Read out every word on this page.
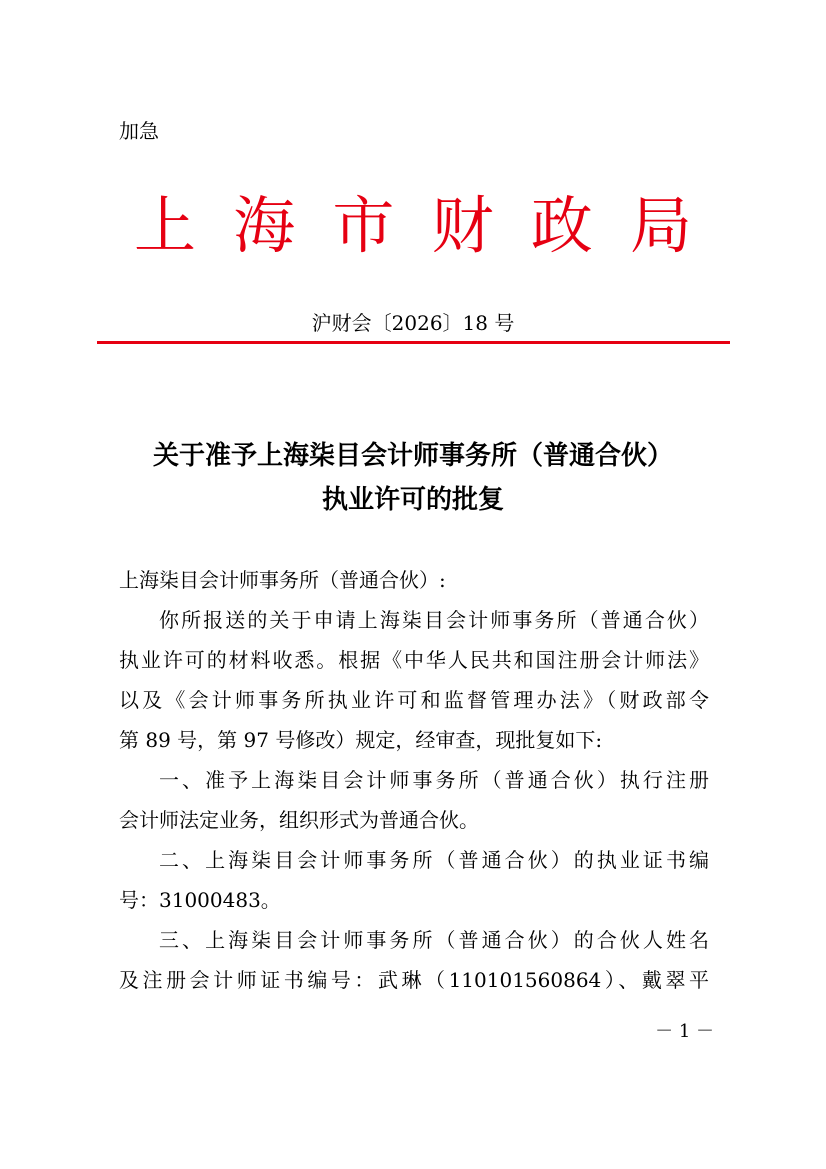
加急
上海市财政局
沪财会〔2026〕18 号
关于准予上海柒目会计师事务所（普通合伙）
执业许可的批复
上海柒目会计师事务所（普通合伙）:
你所报送的关于申请上海柒目会计师事务所（普通合伙）
执业许可的材料收悉。根据《中华人民共和国注册会计师法》
以及《会计师事务所执业许可和监督管理办法》（财政部令
第 89 号，第 97 号修改）规定，经审查，现批复如下:
一、准予上海柒目会计师事务所（普通合伙）执行注册
会计师法定业务，组织形式为普通合伙。
二、上海柒目会计师事务所（普通合伙）的执业证书编
号：31000483。
三、上海柒目会计师事务所（普通合伙）的合伙人姓名
及注册会计师证书编号：武琳（110101560864）、戴翠平
－ 1 －
